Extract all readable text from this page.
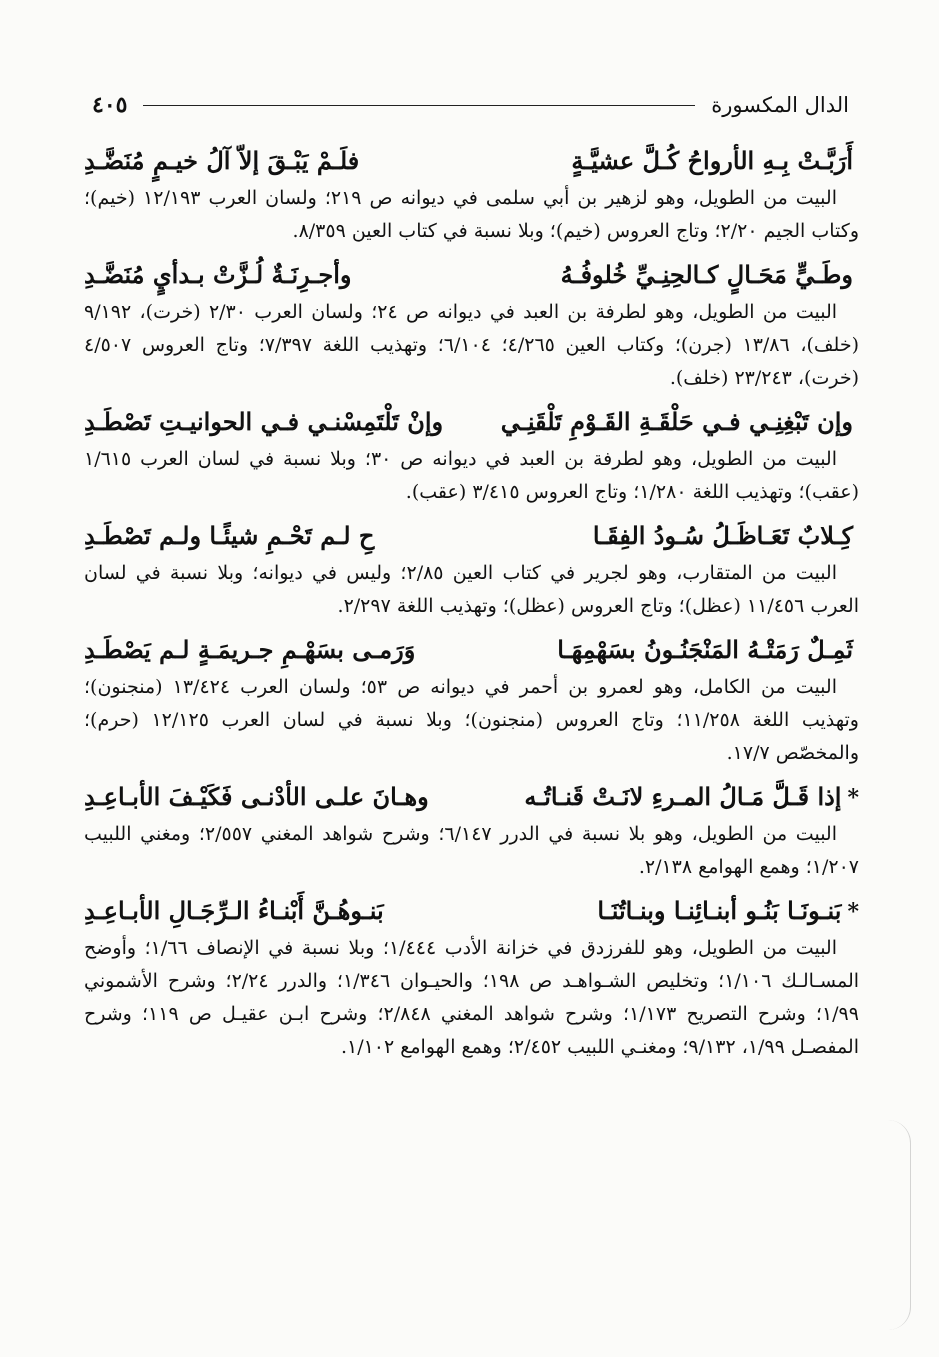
الدال المكسورة
٤٠٥
أَرَبَّـتْ بِـهِ الأرواحُ كُـلَّ عشيَّـةٍ
فلَـمْ يَبْـقَ إلاّ آلُ خيـمٍ مُنَضَّـدِ

البيت من الطويل، وهو لزهير بن أبي سلمى في ديوانه ص ٢١٩؛ ولسان العرب ١٢/١٩٣ (خيم)؛ وكتاب الجيم ٢/٢٠؛ وتاج العروس (خيم)؛ وبلا نسبة في كتاب العين ٨/٣٥٩.

وطَـيٍّ مَحَـالٍ كـالحِنِـيِّ خُلوفُـهُ
وأجـرِنَـةٌ لُـزَّتْ بـدأيٍ مُنَضَّـدِ

البيت من الطويل، وهو لطرفة بن العبد في ديوانه ص ٢٤؛ ولسان العرب ٢/٣٠ (خرت)، ٩/١٩٢ (خلف)، ١٣/٨٦ (جرن)؛ وكتاب العين ٤/٢٦٥؛ ٦/١٠٤؛ وتهذيب اللغة ٧/٣٩٧؛ وتاج العروس ٤/٥٠٧ (خرت)، ٢٣/٢٤٣ (خلف).

وإن تَبْغِنِـي فـي حَلْقَـةِ القَـوْمِ تَلْقَنِـي
وإنْ تَلْتَمِسْنـي فـي الحوانيـتِ تَصْطَـدِ

البيت من الطويل، وهو لطرفة بن العبد في ديوانه ص ٣٠؛ وبلا نسبة في لسان العرب ١/٦١٥ (عقب)؛ وتهذيب اللغة ١/٢٨٠؛ وتاج العروس ٣/٤١٥ (عقب).

كِـلابٌ تَعَـاظَـلُ سُـودُ الفِقَـا
حِ لـم تَحْـمِ شيئًـا ولـم تَصْطَـدِ

البيت من المتقارب، وهو لجرير في كتاب العين ٢/٨٥؛ وليس في ديوانه؛ وبلا نسبة في لسان العرب ١١/٤٥٦ (عظل)؛ وتاج العروس (عظل)؛ وتهذيب اللغة ٢/٢٩٧.

ثَمِـلٌ رَمَتْـهُ المَنْجَنُـونُ بسَهْمِهَـا
وَرَمـى بسَهْـمِ جـريمَـةٍ لـم يَصْطَـدِ

البيت من الكامل، وهو لعمرو بن أحمر في ديوانه ص ٥٣؛ ولسان العرب ١٣/٤٢٤ (منجنون)؛ وتهذيب اللغة ١١/٢٥٨؛ وتاج العروس (منجنون)؛ وبلا نسبة في لسان العرب ١٢/١٢٥ (حرم)؛ والمخصّص ١٧/٧.

*إذا قَـلَّ مَـالُ المـرءِ لانَـتْ قَنـاتُـه
وهـانَ علـى الأدْنـى فَكَيْـفَ الأبـاعِـدِ

البيت من الطويل، وهو بلا نسبة في الدرر ٦/١٤٧؛ وشرح شواهد المغني ٢/٥٥٧؛ ومغني اللبيب ١/٢٠٧؛ وهمع الهوامع ٢/١٣٨.

*بَنـونَـا بَنُـو أبنـائِنـا وبنـاتُنَـا
بَنـوهُـنَّ أَبْنـاءُ الـرِّجَـالِ الأبـاعِـدِ

البيت من الطويل، وهو للفرزدق في خزانة الأدب ١/٤٤٤؛ وبلا نسبة في الإنصاف ١/٦٦؛ وأوضح المسـالـك ١/١٠٦؛ وتخليص الشـواهـد ص ١٩٨؛ والحيـوان ١/٣٤٦؛ والدرر ٢/٢٤؛ وشرح الأشموني ١/٩٩؛ وشرح التصريح ١/١٧٣؛ وشرح شواهد المغني ٢/٨٤٨؛ وشرح ابـن عقيـل ص ١١٩؛ وشرح المفصـل ١/٩٩، ٩/١٣٢؛ ومغنـي اللبيب ٢/٤٥٢؛ وهمع الهوامع ١/١٠٢.
